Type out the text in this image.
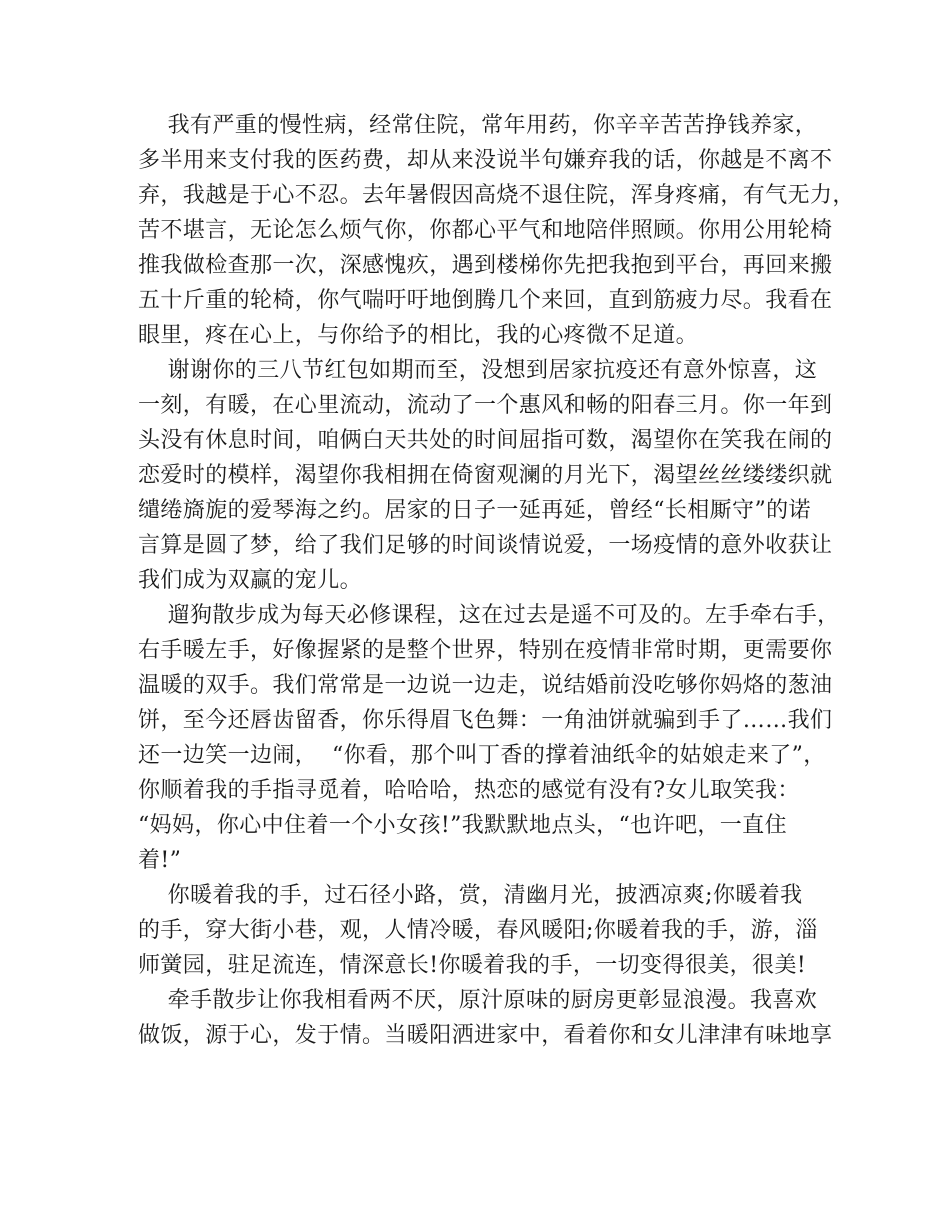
我有严重的慢性病，经常住院，常年用药，你辛辛苦苦挣钱养家，
多半用来支付我的医药费，却从来没说半句嫌弃我的话，你越是不离不
弃，我越是于心不忍。去年暑假因高烧不退住院，浑身疼痛，有气无力，
苦不堪言，无论怎么烦气你，你都心平气和地陪伴照顾。你用公用轮椅
推我做检查那一次，深感愧疚，遇到楼梯你先把我抱到平台，再回来搬
五十斤重的轮椅，你气喘吁吁地倒腾几个来回，直到筋疲力尽。我看在
眼里，疼在心上，与你给予的相比，我的心疼微不足道。
谢谢你的三八节红包如期而至，没想到居家抗疫还有意外惊喜，这
一刻，有暖，在心里流动，流动了一个惠风和畅的阳春三月。你一年到
头没有休息时间，咱俩白天共处的时间屈指可数，渴望你在笑我在闹的
恋爱时的模样，渴望你我相拥在倚窗观澜的月光下，渴望丝丝缕缕织就
缱绻旖旎的爱琴海之约。居家的日子一延再延，曾经“长相厮守”的诺
言算是圆了梦，给了我们足够的时间谈情说爱，一场疫情的意外收获让
我们成为双赢的宠儿。
遛狗散步成为每天必修课程，这在过去是遥不可及的。左手牵右手，
右手暖左手，好像握紧的是整个世界，特别在疫情非常时期，更需要你
温暖的双手。我们常常是一边说一边走，说结婚前没吃够你妈烙的葱油
饼，至今还唇齿留香，你乐得眉飞色舞：一角油饼就骗到手了……我们
还一边笑一边闹，  “你看，那个叫丁香的撑着油纸伞的姑娘走来了”，
你顺着我的手指寻觅着，哈哈哈，热恋的感觉有没有?女儿取笑我：
“妈妈，你心中住着一个小女孩!”我默默地点头，“也许吧，一直住
着!”
你暖着我的手，过石径小路，赏，清幽月光，披洒凉爽;你暖着我
的手，穿大街小巷，观，人情冷暖，春风暖阳;你暖着我的手，游，淄
师黉园，驻足流连，情深意长!你暖着我的手，一切变得很美，很美!
牵手散步让你我相看两不厌，原汁原味的厨房更彰显浪漫。我喜欢
做饭，源于心，发于情。当暖阳洒进家中，看着你和女儿津津有味地享
